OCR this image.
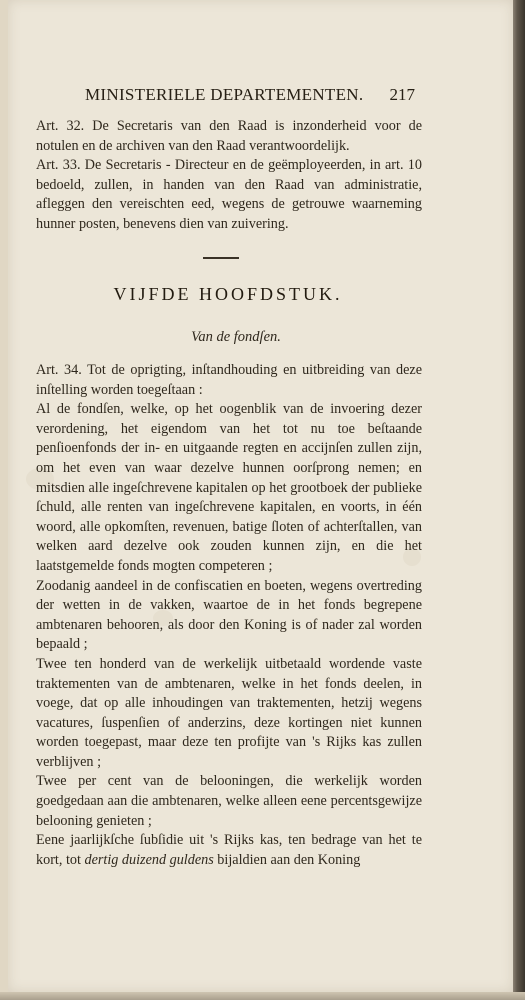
MINISTERIELE DEPARTEMENTEN. 217

Art. 32. De Secretaris van den Raad is inzonderheid voor de notulen en de archiven van den Raad verantwoordelijk.

Art. 33. De Secretaris - Directeur en de geëmployeerden, in art. 10 bedoeld, zullen, in handen van den Raad van administratie, afleggen den vereischten eed, wegens de getrouwe waarneming hunner posten, benevens dien van zuivering.

VIJFDE HOOFDSTUK.
Van de fondſen.

Art. 34. Tot de oprigting, inſtandhouding en uitbreiding van deze inſtelling worden toegeſtaan :

Al de fondſen, welke, op het oogenblik van de invoering dezer verordening, het eigendom van het tot nu toe beſtaande penſioenfonds der in- en uitgaande regten en accijnſen zullen zijn, om het even van waar dezelve hunnen oorſprong nemen; en mitsdien alle ingeſchrevene kapitalen op het grootboek der publieke ſchuld, alle renten van ingeſchrevene kapitalen, en voorts, in één woord, alle opkomſten, revenuen, batige ſloten of achterſtallen, van welken aard dezelve ook zouden kunnen zijn, en die het laatstgemelde fonds mogten competeren ;

Zoodanig aandeel in de confiscatien en boeten, wegens overtreding der wetten in de vakken, waartoe de in het fonds begrepene ambtenaren behooren, als door den Koning is of nader zal worden bepaald ;

Twee ten honderd van de werkelijk uitbetaald wordende vaste traktementen van de ambtenaren, welke in het fonds deelen, in voege, dat op alle inhoudingen van traktementen, hetzij wegens vacatures, ſuspenſien of anderzins, deze kortingen niet kunnen worden toegepast, maar deze ten profijte van 's Rijks kas zullen verblijven ;

Twee per cent van de belooningen, die werkelijk worden goedgedaan aan die ambtenaren, welke alleen eene percentsgewijze belooning genieten ;

Eene jaarlijkſche ſubſidie uit 's Rijks kas, ten bedrage van het te kort, tot dertig duizend guldens bijaldien aan den Koning
